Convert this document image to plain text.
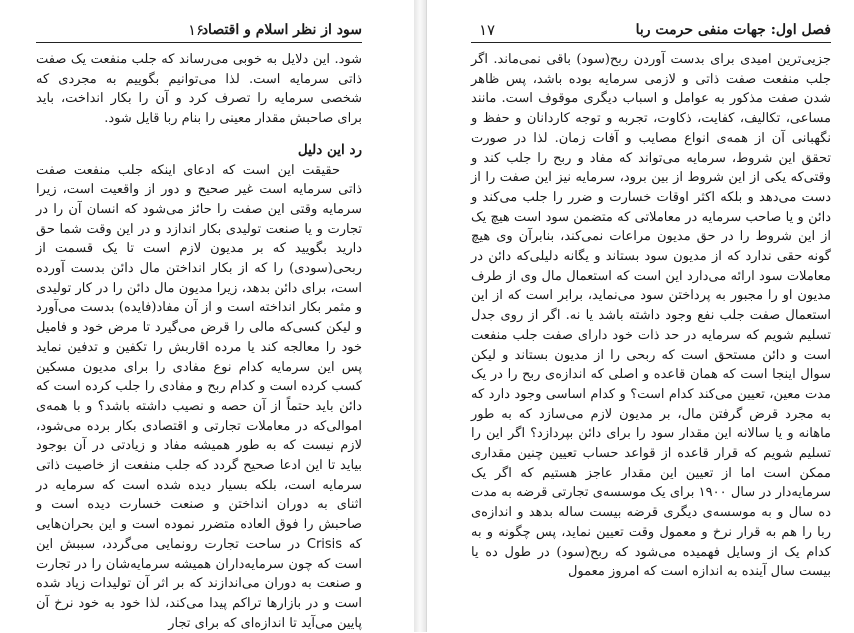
سود از نظر اسلام و اقتصاد
۱۶

شود. این دلایل به خوبی می‌رساند که جلب منفعت یک صفت ذاتی سرمایه است. لذا می‌توانیم بگوییم به مجردی که شخصی سرمایه را تصرف کرد و آن را بکار انداخت، باید برای صاحبش مقدار معینی را بنام ربا قایل شود.

رد این دلیل

حقیقت این است که ادعای اینکه جلب منفعت صفت ذاتی سرمایه است غیر صحیح و دور از واقعیت است، زیرا سرمایه وقتی این صفت را حائز می‌شود که انسان آن را در تجارت و یا صنعت تولیدی بکار اندازد و در این وقت شما حق دارید بگویید که بر مدیون لازم است تا یک قسمت از ربحی(سودی) را که از بکار انداختن مال دائن بدست آورده است، برای دائن بدهد، زیرا مدیون مال دائن را در کار تولیدی و مثمر بکار انداخته است و از آن مفاد(فایده) بدست می‌آورد و لیکن کسی‌که مالی را قرض می‌گیرد تا مرض خود و فامیل خود را معالجه کند یا مرده اقاربش را تکفین و تدفین نماید پس این سرمایه کدام نوع مفادی را برای مدیون مسکین کسب کرده است و کدام ربح و مفادی را جلب کرده است که دائن باید حتماً از آن حصه و نصیب داشته باشد؟ و با همه‌ی اموالی‌که در معاملات تجارتی و اقتصادی بکار برده می‌شود، لازم نیست که به طور همیشه مفاد و زیادتی در آن بوجود بیاید تا این ادعا صحیح گردد که جلب منفعت از خاصیت ذاتی سرمایه است، بلکه بسیار دیده شده است که سرمایه در اثنای به دوران انداختن و صنعت خسارت دیده است و صاحبش را فوق العاده متضرر نموده است و این بحران‌هایی که Crisis در ساحت تجارت رونمایی می‌گردد، سببش این است که چون سرمایه‌داران همیشه سرمایه‌شان را در تجارت و صنعت به دوران می‌اندازند که بر اثر آن تولیدات زیاد شده است و در بازارها تراکم پیدا می‌کند، لذا خود به خود نرخ آن پایین می‌آید تا اندازه‌ای که برای تجار

فصل اول: جهات منفی حرمت ربا
۱۷

جزیی‌ترین امیدی برای بدست آوردن ربح(سود) باقی نمی‌ماند. اگر جلب منفعت صفت ذاتی و لازمی سرمایه بوده باشد، پس ظاهر شدن صفت مذکور به عوامل و اسباب دیگری موقوف است. مانند مساعی، تکالیف، کفایت، ذکاوت، تجربه و توجه کاردانان و حفظ و نگهبانی آن از همه‌ی انواع مصایب و آفات زمان. لذا در صورت تحقق این شروط، سرمایه می‌تواند که مفاد و ربح را جلب کند و وقتی‌که یکی از این شروط از بین برود، سرمایه نیز این صفت را از دست می‌دهد و بلکه اکثر اوقات خسارت و ضرر را جلب می‌کند و دائن و یا صاحب سرمایه در معاملاتی که متضمن سود است هیچ یک از این شروط را در حق مدیون مراعات نمی‌کند، بنابرآن وی هیچ گونه حقی ندارد که از مدیون سود بستاند و یگانه دلیلی‌که دائن در معاملات سود ارائه می‌دارد این است که استعمال مال وی از طرف مدیون او را مجبور به پرداختن سود می‌نماید، برابر است که از این استعمال صفت جلب نفع وجود داشته باشد یا نه. اگر از روی جدل تسلیم شویم که سرمایه در حد ذات خود دارای صفت جلب منفعت است و دائن مستحق است که ربحی را از مدیون بستاند و لیکن سوال اینجا است که همان قاعده و اصلی که اندازه‌ی ربح را در یک مدت معین، تعیین می‌کند کدام است؟ و کدام اساسی وجود دارد که به مجرد قرض گرفتن مال، بر مدیون لازم می‌سازد که به طور ماهانه و یا سالانه این مقدار سود را برای دائن بپردازد؟ اگر این را تسلیم شویم که قرار قاعده از قواعد حساب تعیین چنین مقداری ممکن است اما از تعیین این مقدار عاجز هستیم که اگر یک سرمایه‌دار در سال ۱۹۰۰ برای یک موسسه‌ی تجارتی قرضه به مدت ده سال و به موسسه‌ی دیگری قرضه بیست ساله بدهد و اندازه‌ی ربا را هم به قرار نرخ و معمول وقت تعیین نماید، پس چگونه و به کدام یک از وسایل فهمیده می‌شود که ربح(سود) در طول ده یا بیست سال آینده به اندازه است که امروز معمول
